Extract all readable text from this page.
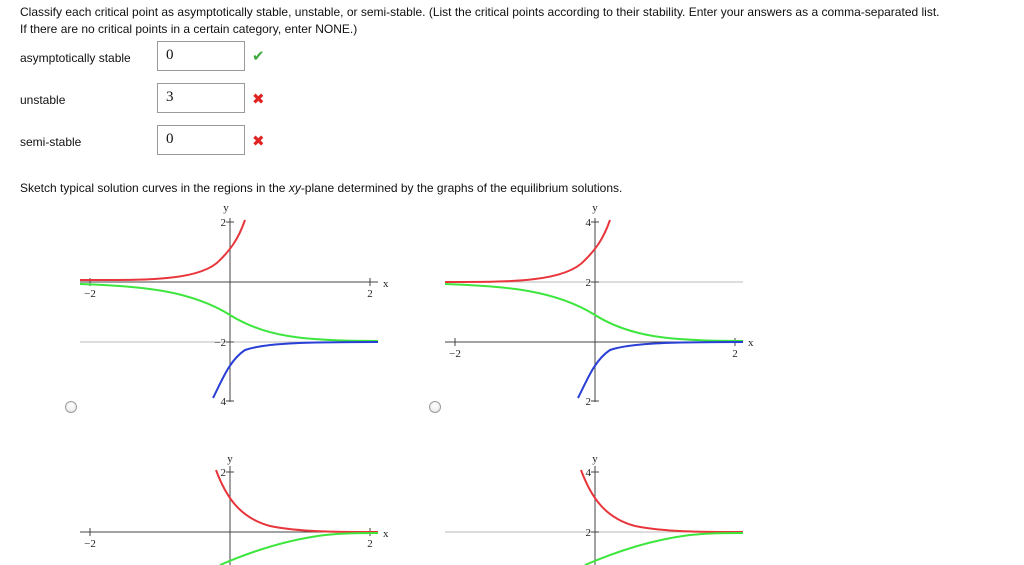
Classify each critical point as asymptotically stable, unstable, or semi-stable. (List the critical points according to their stability. Enter your answers as a comma-separated list.
If there are no critical points in a certain category, enter NONE.)
asymptotically stable	0	✔
unstable	3	✖
semi-stable	0	✖
Sketch typical solution curves in the regions in the xy-plane determined by the graphs of the equilibrium solutions.
y
x
−2	2
2
−2
4
y
x
−2	2
4
2
2
y
x
−2	2
2
y
4
2
